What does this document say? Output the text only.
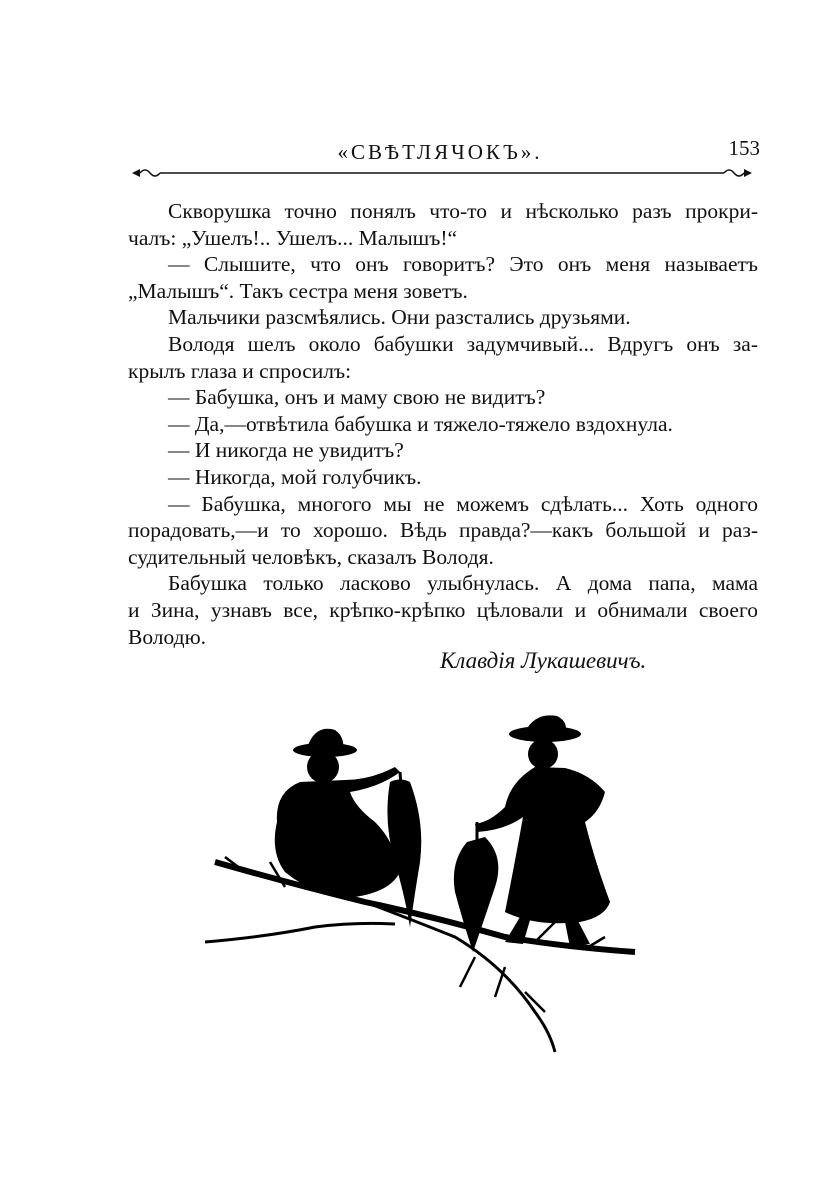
«СВѢТЛЯЧОКЪ».	153
Скворушка точно понялъ что-то и нѣсколько разъ прокри-
чалъ: „Ушелъ!.. Ушелъ... Малышъ!“
— Слышите, что онъ говоритъ? Это онъ меня называетъ
„Малышъ“. Такъ сестра меня зоветъ.
Мальчики разсмѣялись. Они разстались друзьями.
Володя шелъ около бабушки задумчивый... Вдругъ онъ за-
крылъ глаза и спросилъ:
— Бабушка, онъ и маму свою не видитъ?
— Да,—отвѣтила бабушка и тяжело-тяжело вздохнула.
— И никогда не увидитъ?
— Никогда, мой голубчикъ.
— Бабушка, многого мы не можемъ сдѣлать... Хоть одного
порадовать,—и то хорошо. Вѣдь правда?—какъ большой и раз-
судительный человѣкъ, сказалъ Володя.
Бабушка только ласково улыбнулась. А дома папа, мама
и Зина, узнавъ все, крѣпко-крѣпко цѣловали и обнимали своего
Володю.
Клавдія Лукашевичъ.
